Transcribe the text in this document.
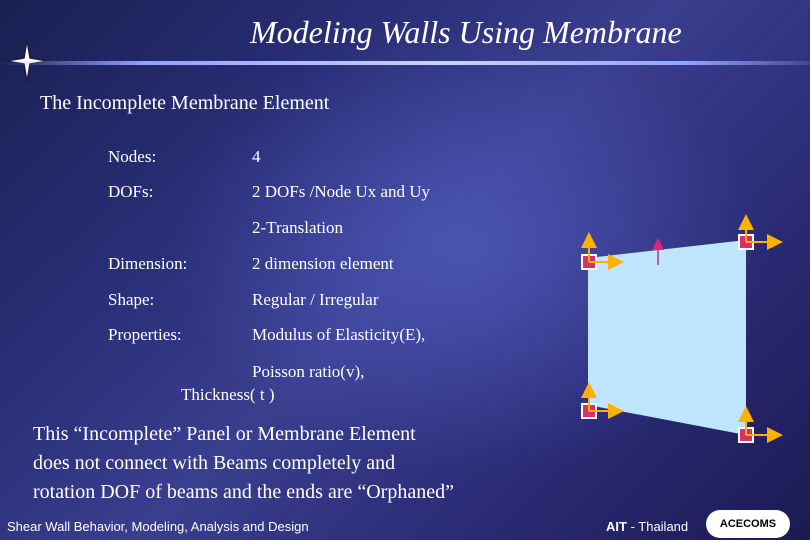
Modeling Walls Using Membrane
The Incomplete Membrane Element
Nodes:	4
DOFs:	2 DOFs /Node Ux and Uy
2-Translation
Dimension:	2 dimension element
Shape:	Regular / Irregular
Properties:	Modulus of Elasticity(E),
Poisson ratio(v),
Thickness( t )
This “Incomplete” Panel or Membrane Element
does not connect with Beams completely and
rotation DOF of beams and the ends are “Orphaned”
Shear Wall Behavior, Modeling, Analysis and Design	AIT - Thailand	ACECOMS
